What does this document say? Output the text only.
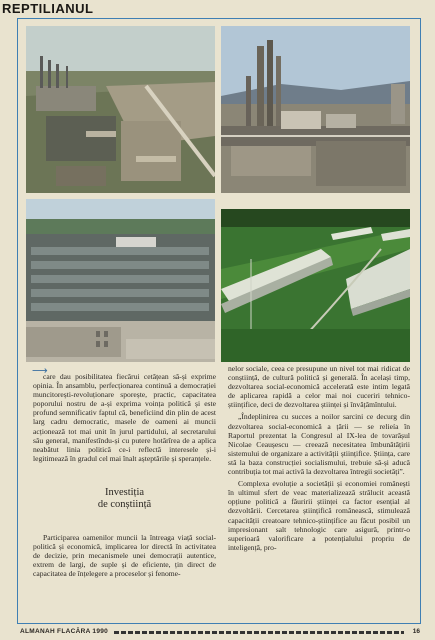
REPTILIANUL
⟶

care dau posibilitatea fiecărui cetățean să-și exprime opinia. În ansamblu, perfecționarea continuă a democrației muncitorești-revoluționare sporește, practic, capacitatea poporului nostru de a-și exprima voința politică și este profund semnificativ faptul că, beneficiind din plin de acest larg cadru democratic, masele de oameni ai muncii acționează tot mai unit în jurul partidului, al secretarului său general, manifestîndu-și cu putere hotărîrea de a aplica neabătut linia politică ce-i reflectă interesele și-i legitimează în gradul cel mai înalt așteptările și speranțele.

Investiția
de conștiință

Participarea oamenilor muncii la întreaga viață social-politică și economică, implicarea lor directă în activitatea de decizie, prin mecanismele unei democrații autentice, extrem de largi, de suple și de eficiente, țin direct de capacitatea de înțelegere a proceselor și fenome-

nelor sociale, ceea ce presupune un nivel tot mai ridicat de conștiință, de cultură politică și generală. În același timp, dezvoltarea social-economică accelerată este intim legată de aplicarea rapidă a celor mai noi cuceriri tehnico-științifice, deci de dezvoltarea științei și învățămîntului.

„Îndeplinirea cu succes a noilor sarcini ce decurg din dezvoltarea social-economică a țării — se relieía în Raportul prezentat la Congresul al IX-lea de tovarășul Nicolae Ceaușescu — creează necesitatea îmbunătățirii sistemului de organizare a activității științifice. Știința, care stă la baza construcției socialismului, trebuie să-și aducă contribuția tot mai activă la dezvoltarea întregii societăți”.

Complexa evoluție a societății și economiei românești în ultimul sfert de veac materializează strălucit această opțiune politică a făuririi științei ca factor esențial al dezvoltării. Cercetarea științifică românească, stimulează capacității creatoare tehnico-științifice au făcut posibil un impresionant salt tehnologic care asigură, printr-o superioară valorificare a potențialului propriu de inteligență, pro-

ALMANAH FLACĂRA 1990	16
